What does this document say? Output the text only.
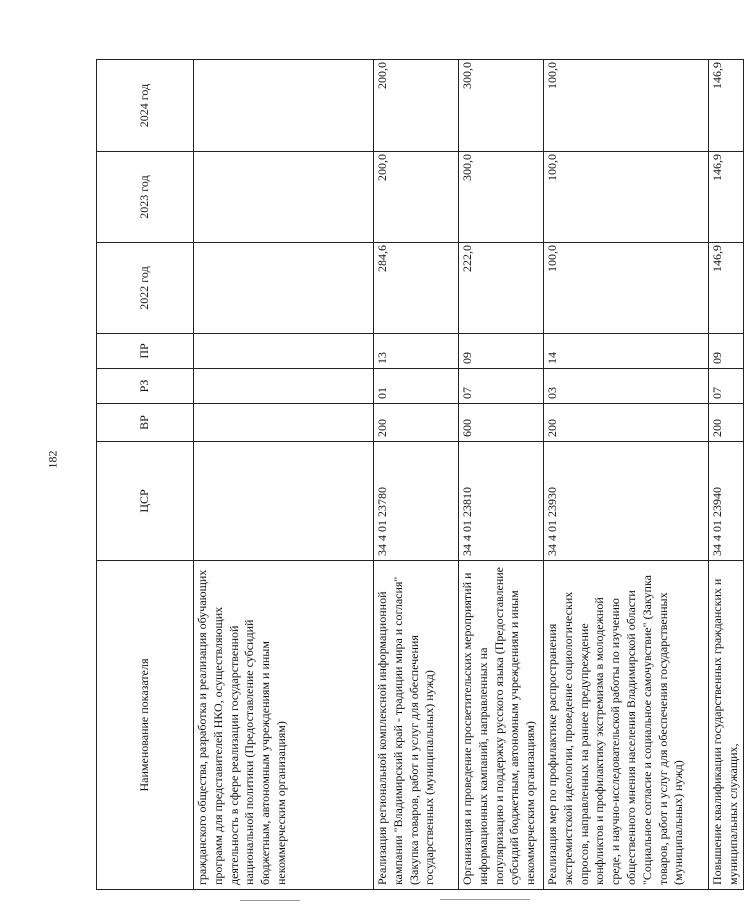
182
Наименование показателя	ЦСР	ВР	РЗ	ПР	2022 год	2023 год	2024 год
гражданского общества, разработка и реализация обучающих программ для представителей НКО, осуществляющих деятельность в сфере реализации государственной национальной политики (Предоставление субсидий бюджетным, автономным учреждениям и иным некоммерческим организациям)							
Реализация региональной комплексной информационной кампании "Владимирский край - традиции мира и согласия" (Закупка товаров, работ и услуг для обеспечения государственных (муниципальных) нужд)	34 4 01 23780	200	01	13	284,6	200,0	200,0
Организация и проведение просветительских мероприятий и информационных кампаний, направленных на популяризацию и поддержку русского языка (Предоставление субсидий бюджетным, автономным учреждениям и иным некоммерческим организациям)	34 4 01 23810	600	07	09	222,0	300,0	300,0
Реализация мер по профилактике распространения экстремистской идеологии, проведение социологических опросов, направленных на раннее предупреждение конфликтов и профилактику экстремизма в молодежной среде, и научно-исследовательской работы по изучению общественного мнения населения Владимирской области "Социальное согласие и социальное самочувствие" (Закупка товаров, работ и услуг для обеспечения государственных (муниципальных) нужд)	34 4 01 23930	200	03	14	100,0	100,0	100,0
Повышение квалификации государственных гражданских и муниципальных служащих,	34 4 01 23940	200	07	09	146,9	146,9	146,9
